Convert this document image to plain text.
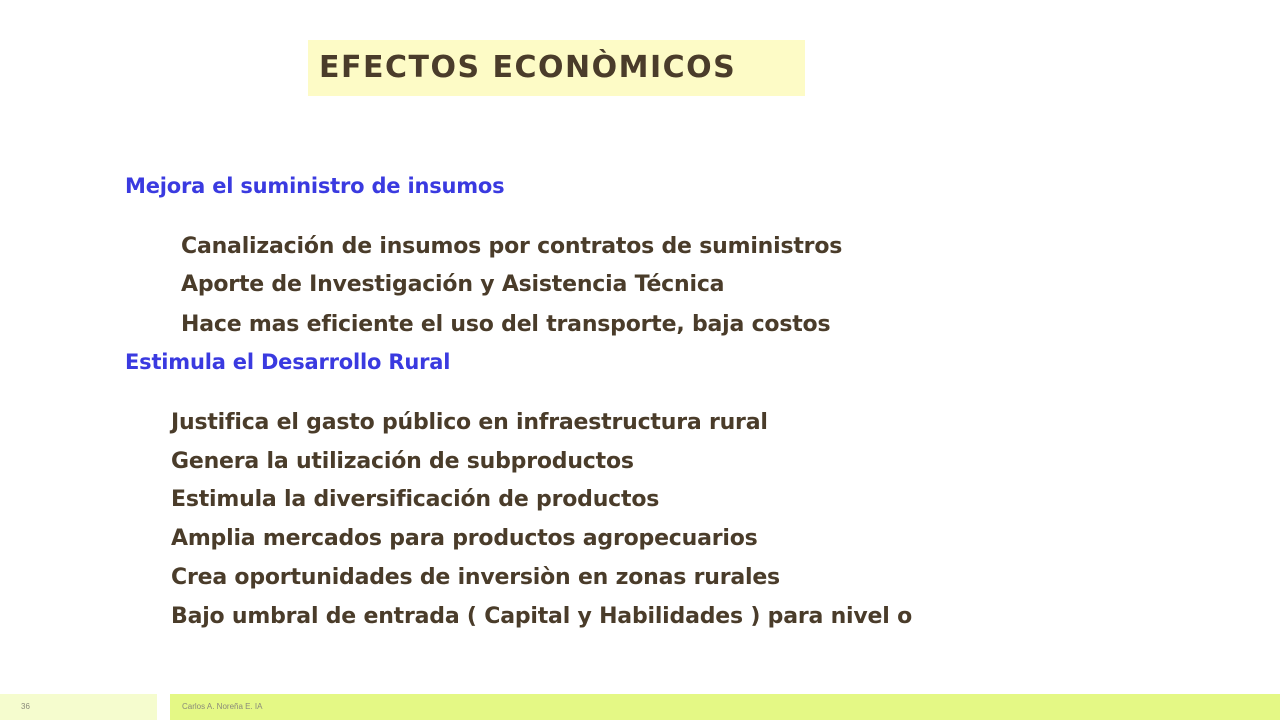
EFECTOS ECONÒMICOS
Mejora el suministro de insumos
Canalización de insumos por contratos de suministros
Aporte de Investigación y Asistencia Técnica
Hace mas eficiente el uso del transporte, baja costos
Estimula el Desarrollo Rural
Justifica el gasto público en infraestructura rural
Genera la utilización de subproductos
Estimula la diversificación de productos
Amplia mercados para productos agropecuarios
Crea oportunidades de inversiòn en zonas rurales
Bajo umbral de entrada ( Capital y Habilidades ) para nivel o
36	Carlos A. Noreña E. IA
